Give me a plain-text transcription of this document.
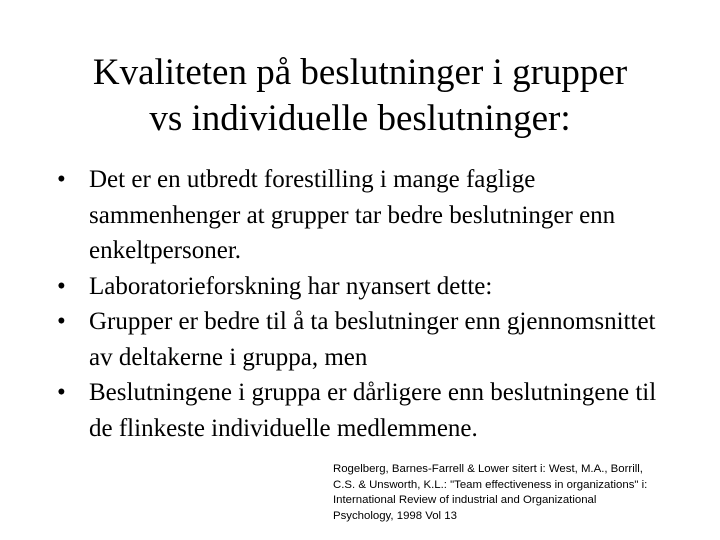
Kvaliteten på beslutninger i grupper
vs individuelle beslutninger:
• Det er en utbredt forestilling i mange faglige sammenhenger at grupper tar bedre beslutninger enn enkeltpersoner.
• Laboratorieforskning har nyansert dette:
• Grupper er bedre til å ta beslutninger enn gjennomsnittet av deltakerne i gruppa, men
• Beslutningene i gruppa er dårligere enn beslutningene til de flinkeste individuelle medlemmene.
Rogelberg, Barnes-Farrell & Lower sitert i: West, M.A., Borrill,
C.S. & Unsworth, K.L.: "Team effectiveness in organizations" i:
International Review of industrial and Organizational
Psychology, 1998 Vol 13
